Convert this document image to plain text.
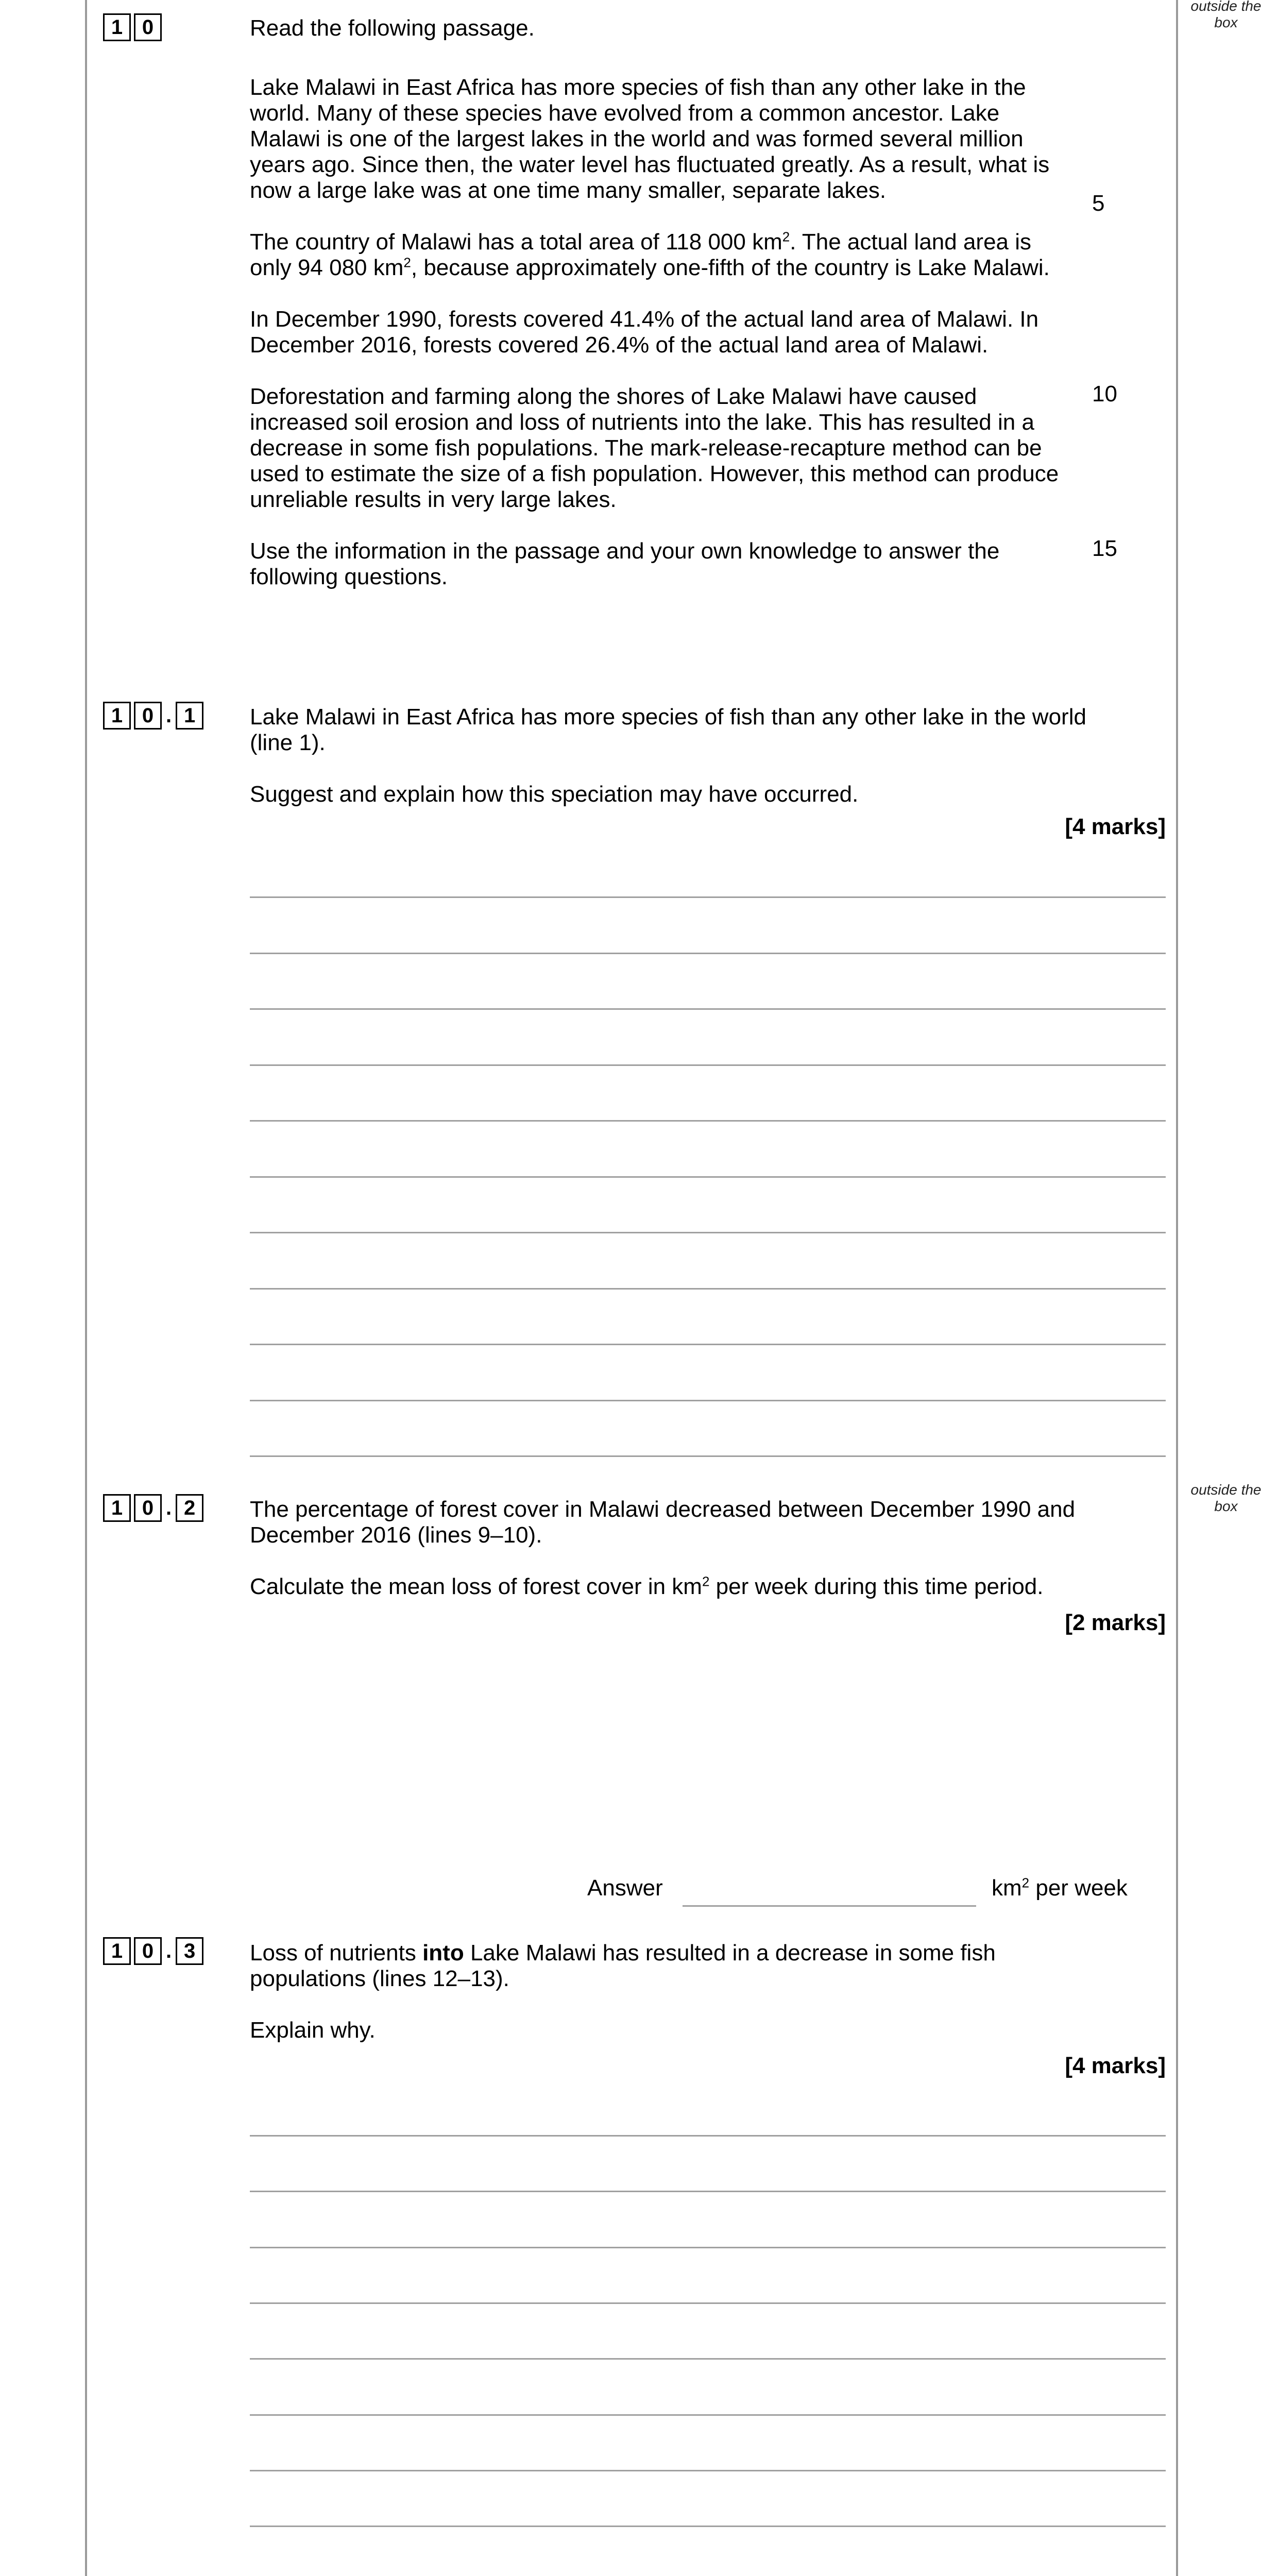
outside the box
1 0	Read the following passage.

Lake Malawi in East Africa has more species of fish than any other lake in the world. Many of these species have evolved from a common ancestor. Lake Malawi is one of the largest lakes in the world and was formed several million years ago. Since then, the water level has fluctuated greatly. As a result, what is now a large lake was at one time many smaller, separate lakes.

The country of Malawi has a total area of 118 000 $km^2$. The actual land area is only 94 080 $km^2$, because approximately one-fifth of the country is Lake Malawi.

In December 1990, forests covered 41.4% of the actual land area of Malawi. In December 2016, forests covered 26.4% of the actual land area of Malawi.

Deforestation and farming along the shores of Lake Malawi have caused increased soil erosion and loss of nutrients into the lake. This has resulted in a decrease in some fish populations. The mark-release-recapture method can be used to estimate the size of a fish population. However, this method can produce unreliable results in very large lakes.

Use the information in the passage and your own knowledge to answer the following questions.

5
10
15
1 0 . 1	Lake Malawi in East Africa has more species of fish than any other lake in the world (line 1).

Suggest and explain how this speciation may have occurred.

[4 marks]
outside the box
1 0 . 2	The percentage of forest cover in Malawi decreased between December 1990 and December 2016 (lines 9–10).

Calculate the mean loss of forest cover in $km^2$ per week during this time period.

[2 marks]
Answer	$km^2$ per week
1 0 . 3	Loss of nutrients into Lake Malawi has resulted in a decrease in some fish populations (lines 12–13).

Explain why.

[4 marks]
